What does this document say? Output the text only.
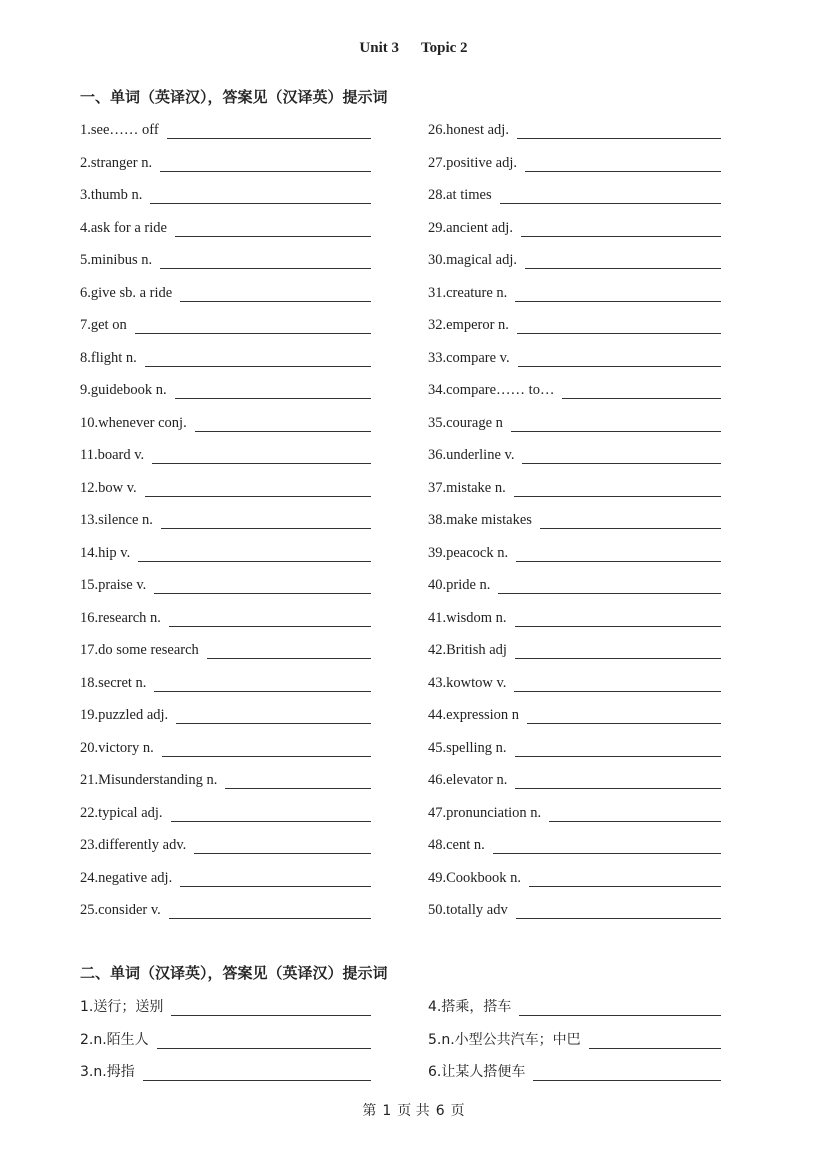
Unit 3 Topic 2
一、单词（英译汉），答案见（汉译英）提示词
1.see…… off	26.honest adj.
2.stranger n.	27.positive adj.
3.thumb n.	28.at times
4.ask for a ride	29.ancient adj.
5.minibus n.	30.magical adj.
6.give sb. a ride	31.creature n.
7.get on	32.emperor n.
8.flight n.	33.compare v.
9.guidebook n.	34.compare…… to…
10.whenever conj.	35.courage n
11.board v.	36.underline v.
12.bow v.	37.mistake n.
13.silence n.	38.make mistakes
14.hip v.	39.peacock n.
15.praise v.	40.pride n.
16.research n.	41.wisdom n.
17.do some research	42.British adj
18.secret n.	43.kowtow v.
19.puzzled adj.	44.expression n
20.victory n.	45.spelling n.
21.Misunderstanding n.	46.elevator n.
22.typical adj.	47.pronunciation n.
23.differently adv.	48.cent n.
24.negative adj.	49.Cookbook n.
25.consider v.	50.totally adv
二、单词（汉译英），答案见（英译汉）提示词
1.送行；送别	4.搭乘，搭车
2.n.陌生人	5.n.小型公共汽车；中巴
3.n.拇指	6.让某人搭便车
第 1 页 共 6 页
